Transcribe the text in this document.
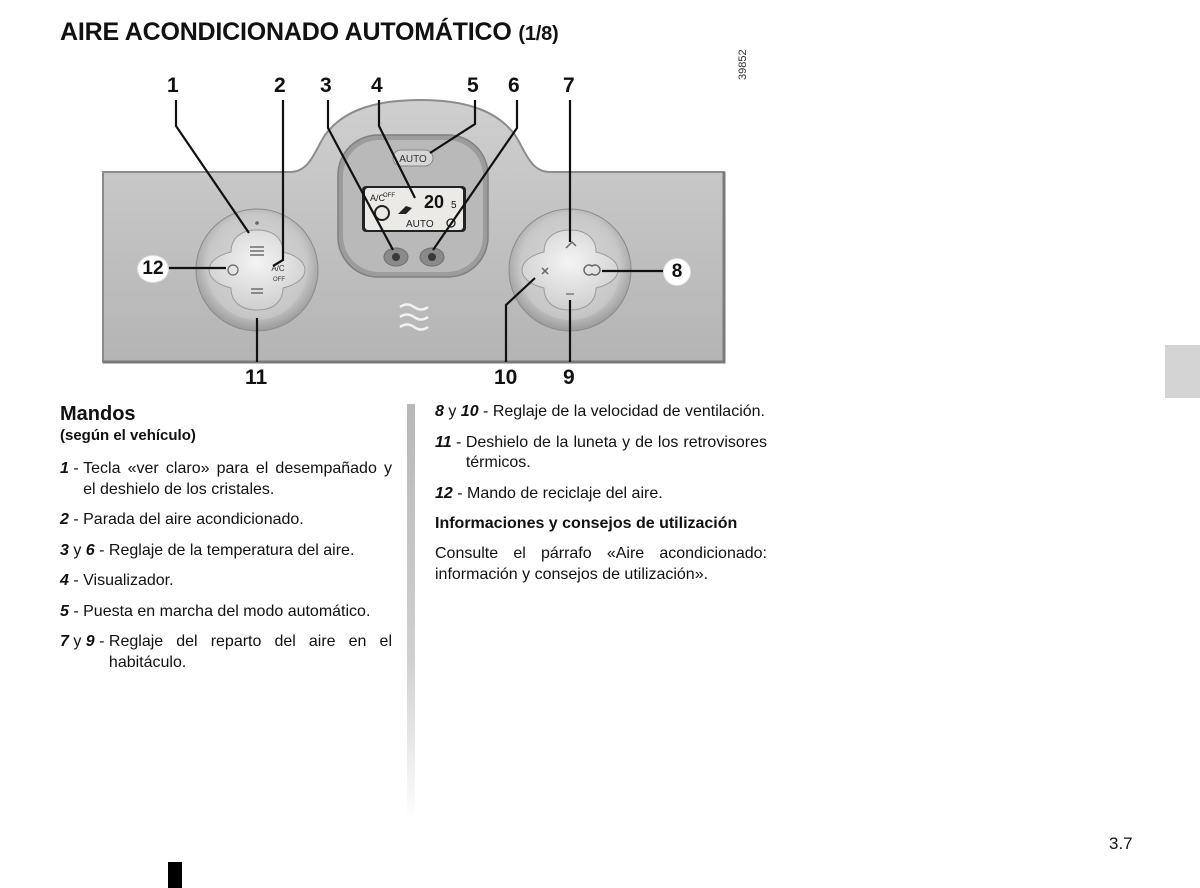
AIRE ACONDICIONADO AUTOMÁTICO (1/8)
AUTO
A/C
OFF 20 5
AUTO
A/C
OFF
39852
1	2 3 4	5 6 7
8
9
10
11
12
Mandos

(según el vehículo)

1 - Tecla «ver claro» para el desempañado y el deshielo de los cristales.
2 - Parada del aire acondicionado.
3 y 6 - Reglaje de la temperatura del aire.
4 - Visualizador.
5 - Puesta en marcha del modo automático.
7 y 9 - Reglaje del reparto del aire en el habitáculo.
8 y 10 - Reglaje de la velocidad de ventilación.
11 - Deshielo de la luneta y de los retrovisores térmicos.
12 - Mando de reciclaje del aire.

Informaciones y consejos de utilización

Consulte el párrafo «Aire acondicionado: información y consejos de utilización».

3.7
